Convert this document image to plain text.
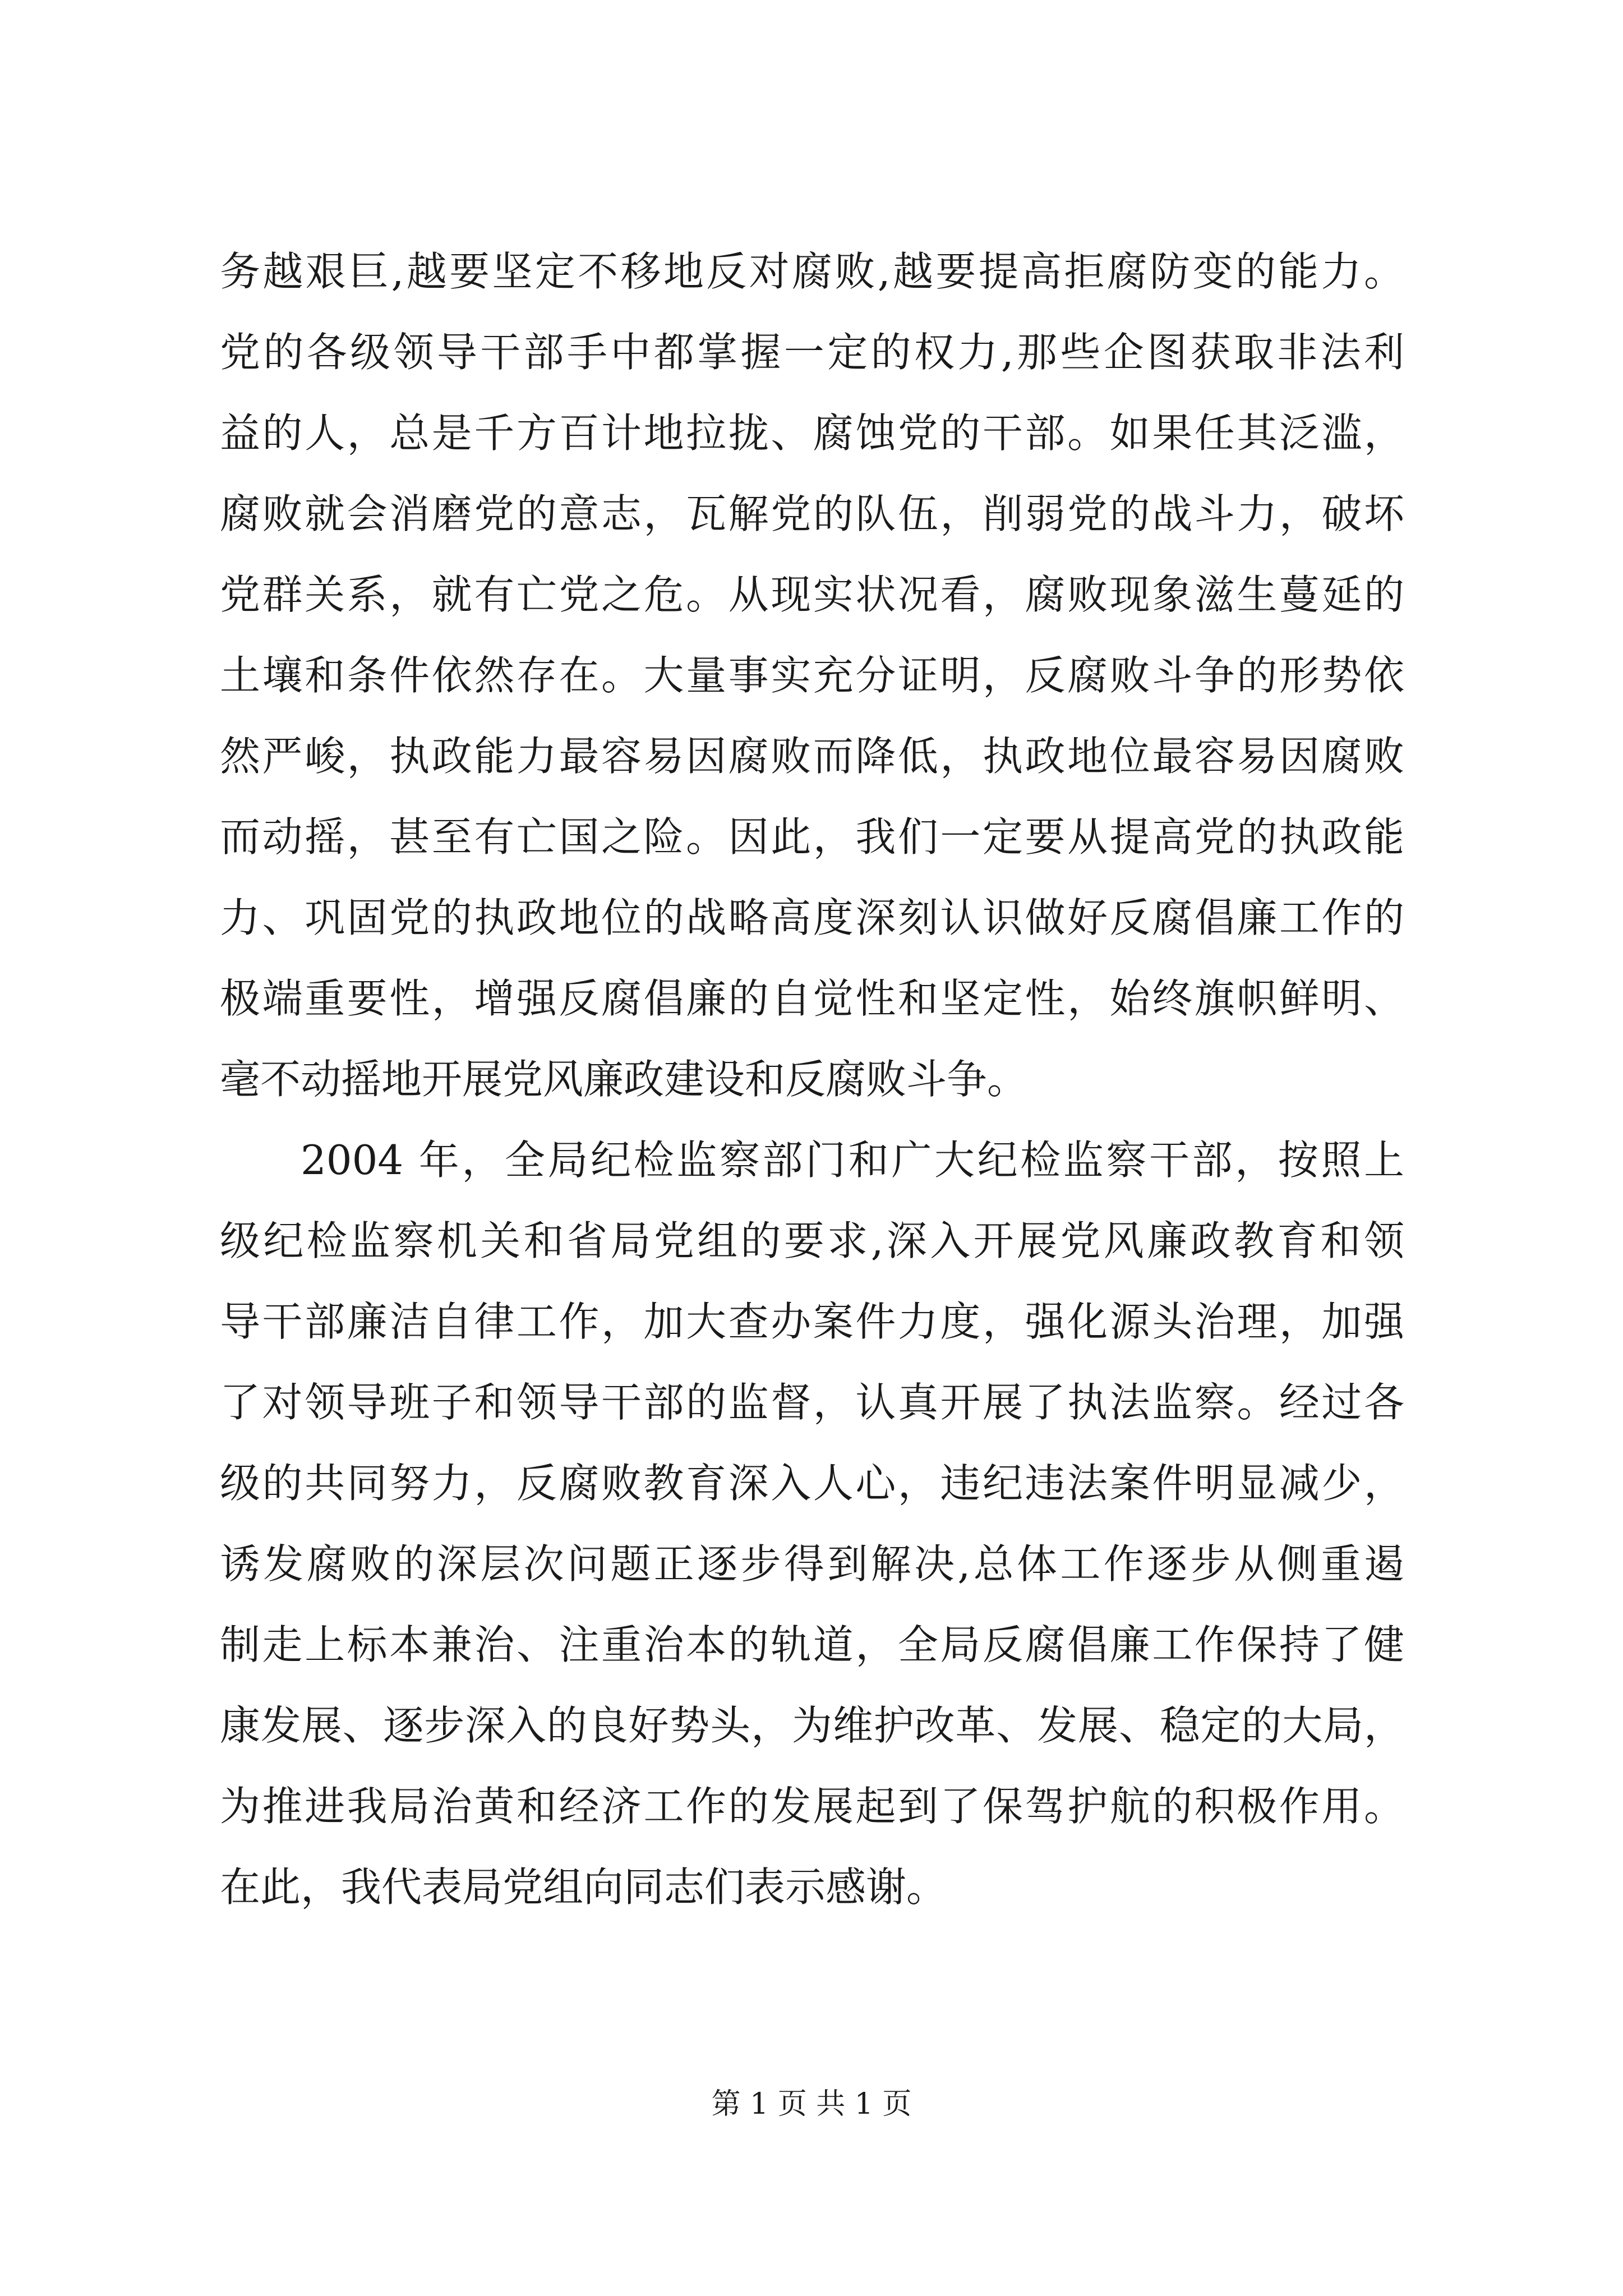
务越艰巨,越要坚定不移地反对腐败,越要提高拒腐防变的能力。
党的各级领导干部手中都掌握一定的权力,那些企图获取非法利
益的人，总是千方百计地拉拢、腐蚀党的干部。如果任其泛滥，
腐败就会消磨党的意志，瓦解党的队伍，削弱党的战斗力，破坏
党群关系，就有亡党之危。从现实状况看，腐败现象滋生蔓延的
土壤和条件依然存在。大量事实充分证明，反腐败斗争的形势依
然严峻，执政能力最容易因腐败而降低，执政地位最容易因腐败
而动摇，甚至有亡国之险。因此，我们一定要从提高党的执政能
力、巩固党的执政地位的战略高度深刻认识做好反腐倡廉工作的
极端重要性，增强反腐倡廉的自觉性和坚定性，始终旗帜鲜明、
毫不动摇地开展党风廉政建设和反腐败斗争。
2004 年，全局纪检监察部门和广大纪检监察干部，按照上
级纪检监察机关和省局党组的要求,深入开展党风廉政教育和领
导干部廉洁自律工作，加大查办案件力度，强化源头治理，加强
了对领导班子和领导干部的监督，认真开展了执法监察。经过各
级的共同努力，反腐败教育深入人心，违纪违法案件明显减少，
诱发腐败的深层次问题正逐步得到解决,总体工作逐步从侧重遏
制走上标本兼治、注重治本的轨道，全局反腐倡廉工作保持了健
康发展、逐步深入的良好势头，为维护改革、发展、稳定的大局，
为推进我局治黄和经济工作的发展起到了保驾护航的积极作用。
在此，我代表局党组向同志们表示感谢。
第 1 页 共 1 页
